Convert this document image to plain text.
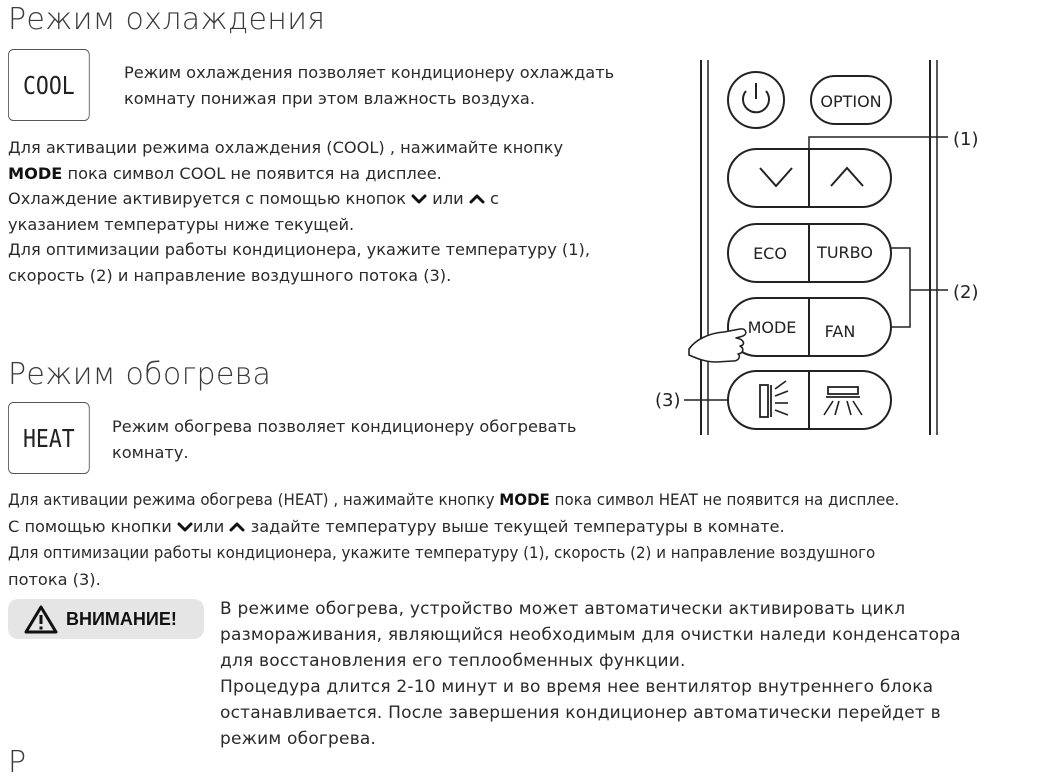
Режим охлаждения
COOL	Режим охлаждения позволяет кондиционеру охлаждать
комнату понижая при этом влажность воздуха.
Для активации режима охлаждения (COOL) , нажимайте кнопку
MODE пока символ COOL не появится на дисплее.
Охлаждение активируется с помощью кнопок  или  с
указанием температуры ниже текущей.
Для оптимизации работы кондиционера, укажите температуру (1),
скорость (2) и направление воздушного потока (3).
Режим обогрева
HEAT	Режим обогрева позволяет кондиционеру обогревать
комнату.
Для активации режима обогрева (HEAT) , нажимайте кнопку MODE пока символ HEAT не появится на дисплее.
С помощью кнопки или  задайте температуру выше текущей температуры в комнате.
Для оптимизации работы кондиционера, укажите температуру (1), скорость (2) и направление воздушного
потока (3).
ВНИМАНИЕ!	В режиме обогрева, устройство может автоматически активировать цикл
размораживания, являющийся необходимым для очистки наледи конденсатора
для восстановления его теплообменных функции.
Процедура длится 2-10 минут и во время нее вентилятор внутреннего блока
останавливается. После завершения кондиционер автоматически перейдет в
режим обогрева.
Р
OPTION
(1)
ECO TURBO
MODE FAN
(2)
(3)
